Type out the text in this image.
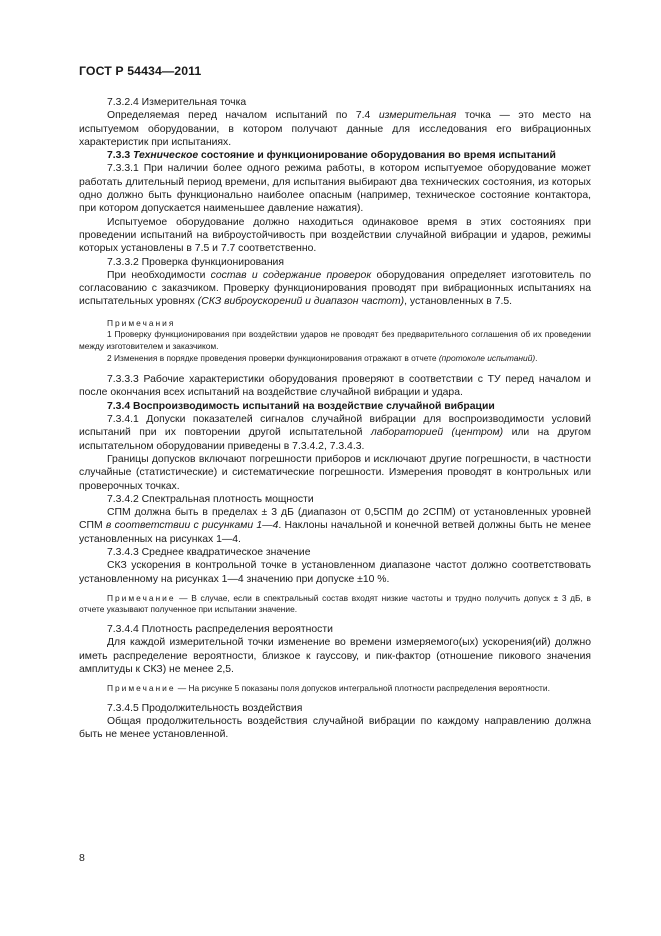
ГОСТ Р 54434—2011

7.3.2.4 Измерительная точка

Определяемая перед началом испытаний по 7.4 измерительная точка — это место на испытуемом оборудовании, в котором получают данные для исследования его вибрационных характеристик при испытаниях.

7.3.3 Техническое состояние и функционирование оборудования во время испытаний

7.3.3.1 При наличии более одного режима работы, в котором испытуемое оборудование может работать длительный период времени, для испытания выбирают два технических состояния, из которых одно должно быть функционально наиболее опасным (например, техническое состояние контактора, при котором допускается наименьшее давление нажатия).

Испытуемое оборудование должно находиться одинаковое время в этих состояниях при проведении испытаний на виброустойчивость при воздействии случайной вибрации и ударов, режимы которых установлены в 7.5 и 7.7 соответственно.

7.3.3.2 Проверка функционирования

При необходимости состав и содержание проверок оборудования определяет изготовитель по согласованию с заказчиком. Проверку функционирования проводят при вибрационных испытаниях на испытательных уровнях (СКЗ виброускорений и диапазон частот), установленных в 7.5.

Примечания

1 Проверку функционирования при воздействии ударов не проводят без предварительного соглашения об их проведении между изготовителем и заказчиком.

2 Изменения в порядке проведения проверки функционирования отражают в отчете (протоколе испытаний).

7.3.3.3 Рабочие характеристики оборудования проверяют в соответствии с ТУ перед началом и после окончания всех испытаний на воздействие случайной вибрации и удара.

7.3.4 Воспроизводимость испытаний на воздействие случайной вибрации

7.3.4.1 Допуски показателей сигналов случайной вибрации для воспроизводимости условий испытаний при их повторении другой испытательной лабораторией (центром) или на другом испытательном оборудовании приведены в 7.3.4.2, 7.3.4.3.

Границы допусков включают погрешности приборов и исключают другие погрешности, в частности случайные (статистические) и систематические погрешности. Измерения проводят в контрольных или проверочных точках.

7.3.4.2 Спектральная плотность мощности

СПМ должна быть в пределах ± 3 дБ (диапазон от 0,5СПМ до 2СПМ) от установленных уровней СПМ в соответствии с рисунками 1—4. Наклоны начальной и конечной ветвей должны быть не менее установленных на рисунках 1—4.

7.3.4.3 Среднее квадратическое значение

СКЗ ускорения в контрольной точке в установленном диапазоне частот должно соответствовать установленному на рисунках 1—4 значению при допуске ±10 %.

Примечание — В случае, если в спектральный состав входят низкие частоты и трудно получить допуск ± 3 дБ, в отчете указывают полученное при испытании значение.

7.3.4.4 Плотность распределения вероятности

Для каждой измерительной точки изменение во времени измеряемого(ых) ускорения(ий) должно иметь распределение вероятности, близкое к гауссову, и пик-фактор (отношение пикового значения амплитуды к СКЗ) не менее 2,5.

Примечание — На рисунке 5 показаны поля допусков интегральной плотности распределения вероятности.

7.3.4.5 Продолжительность воздействия

Общая продолжительность воздействия случайной вибрации по каждому направлению должна быть не менее установленной.

8
